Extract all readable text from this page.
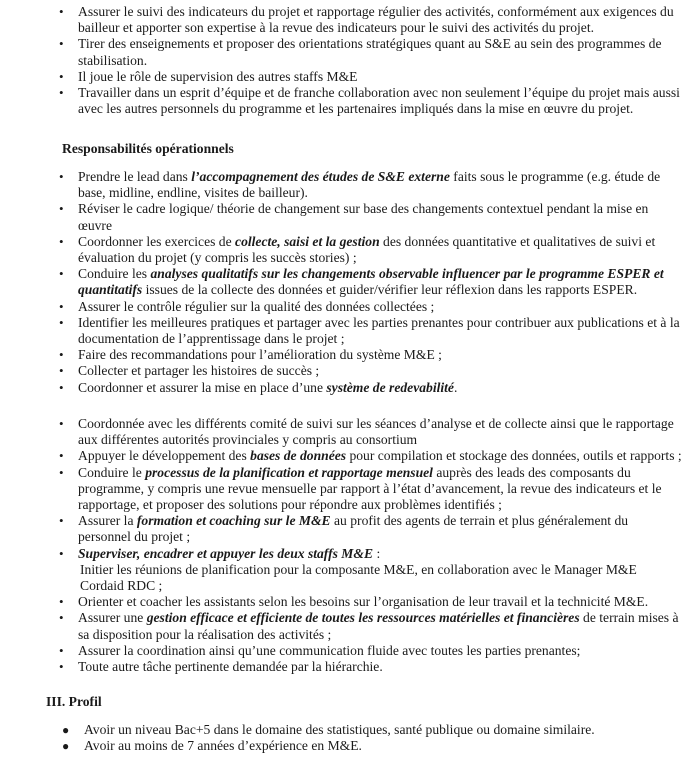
• Assurer le suivi des indicateurs du projet et rapportage régulier des activités, conformément aux exigences du bailleur et apporter son expertise à la revue des indicateurs pour le suivi des activités du projet.
• Tirer des enseignements et proposer des orientations stratégiques quant au S&E au sein des programmes de stabilisation.
• Il joue le rôle de supervision des autres staffs M&E
• Travailler dans un esprit d’équipe et de franche collaboration avec non seulement l’équipe du projet mais aussi avec les autres personnels du programme et les partenaires impliqués dans la mise en œuvre du projet.
Responsabilités opérationnels
• Prendre le lead dans l’accompagnement des études de S&E externe faits sous le programme (e.g. étude de base, midline, endline, visites de bailleur).
• Réviser le cadre logique/ théorie de changement sur base des changements contextuel pendant la mise en œuvre
• Coordonner les exercices de collecte, saisi et la gestion des données quantitative et qualitatives de suivi et évaluation du projet (y compris les succès stories) ;
• Conduire les analyses qualitatifs sur les changements observable influencer par le programme ESPER et quantitatifs issues de la collecte des données et guider/vérifier leur réflexion dans les rapports ESPER.
• Assurer le contrôle régulier sur la qualité des données collectées ;
• Identifier les meilleures pratiques et partager avec les parties prenantes pour contribuer aux publications et à la documentation de l’apprentissage dans le projet ;
• Faire des recommandations pour l’amélioration du système M&E ;
• Collecter et partager les histoires de succès ;
• Coordonner et assurer la mise en place d’une système de redevabilité.
• Coordonnée avec les différents comité de suivi sur les séances d’analyse et de collecte ainsi que le rapportage aux différentes autorités provinciales y compris au consortium
• Appuyer le développement des bases de données pour compilation et stockage des données, outils et rapports ;
• Conduire le processus de la planification et rapportage mensuel auprès des leads des composants du programme, y compris une revue mensuelle par rapport à l’état d’avancement, la revue des indicateurs et le rapportage, et proposer des solutions pour répondre aux problèmes identifiés ;
• Assurer la formation et coaching sur le M&E au profit des agents de terrain et plus généralement du personnel du projet ;
• Superviser, encadrer et appuyer les deux staffs M&E :
Initier les réunions de planification pour la composante M&E, en collaboration avec le Manager M&E Cordaid RDC ;
• Orienter et coacher les assistants selon les besoins sur l’organisation de leur travail et la technicité M&E.
• Assurer une gestion efficace et efficiente de toutes les ressources matérielles et financières de terrain mises à sa disposition pour la réalisation des activités ;
• Assurer la coordination ainsi qu’une communication fluide avec toutes les parties prenantes;
• Toute autre tâche pertinente demandée par la hiérarchie.
III. Profil
● Avoir un niveau Bac+5 dans le domaine des statistiques, santé publique ou domaine similaire.
● Avoir au moins de 7 années d’expérience en M&E.
